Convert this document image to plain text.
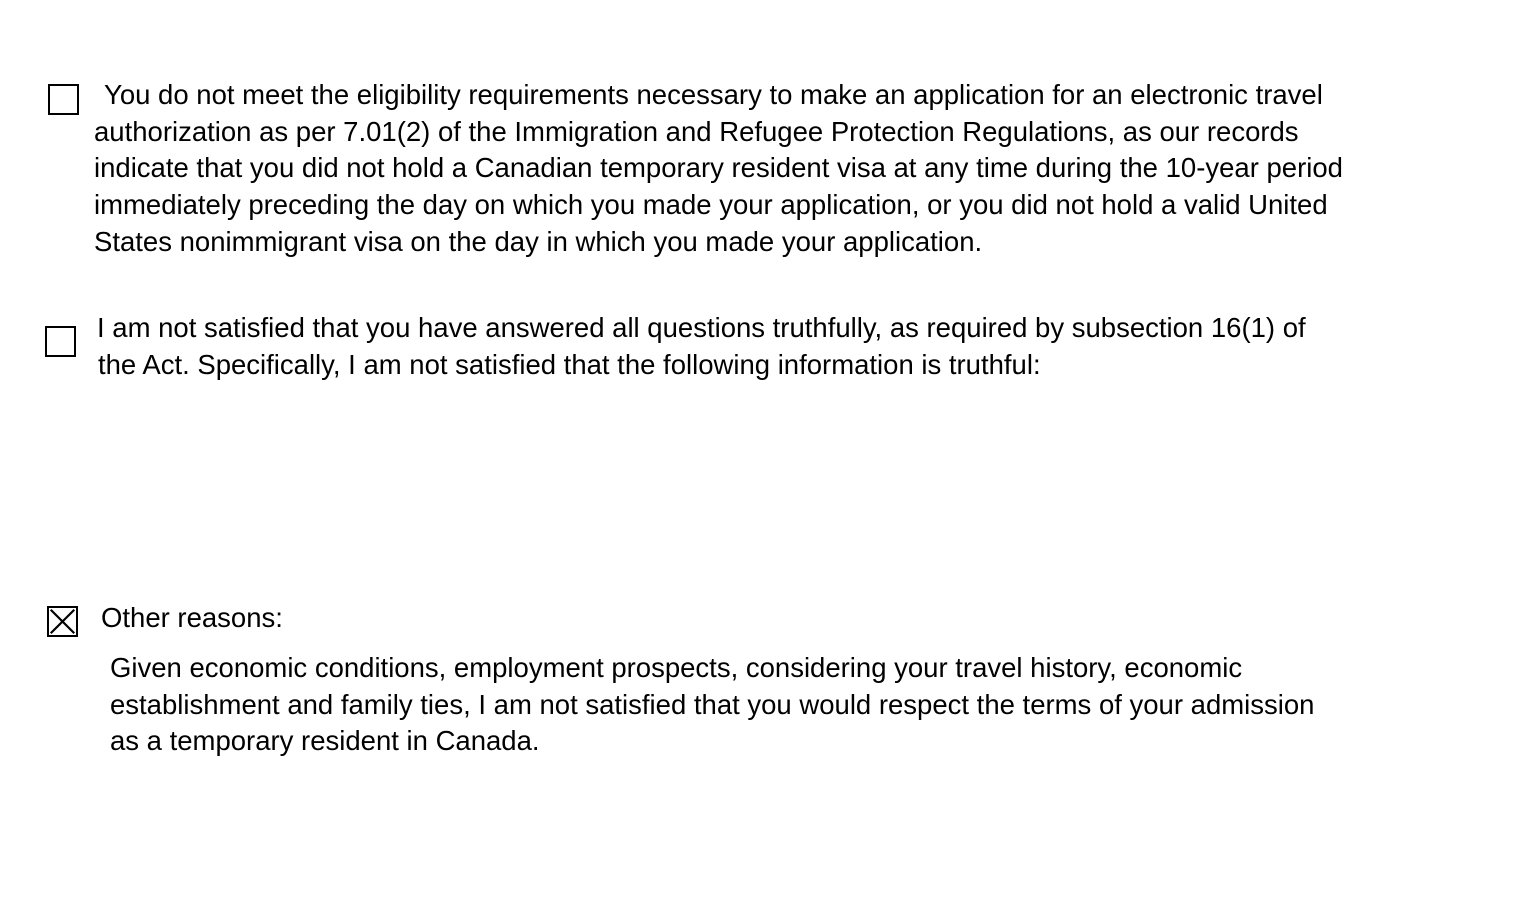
You do not meet the eligibility requirements necessary to make an application for an electronic travel
authorization as per 7.01(2) of the Immigration and Refugee Protection Regulations, as our records
indicate that you did not hold a Canadian temporary resident visa at any time during the 10-year period
immediately preceding the day on which you made your application, or you did not hold a valid United
States nonimmigrant visa on the day in which you made your application.
I am not satisfied that you have answered all questions truthfully, as required by subsection 16(1) of
the Act. Specifically, I am not satisfied that the following information is truthful:
Other reasons:
Given economic conditions, employment prospects, considering your travel history, economic
establishment and family ties, I am not satisfied that you would respect the terms of your admission
as a temporary resident in Canada.
